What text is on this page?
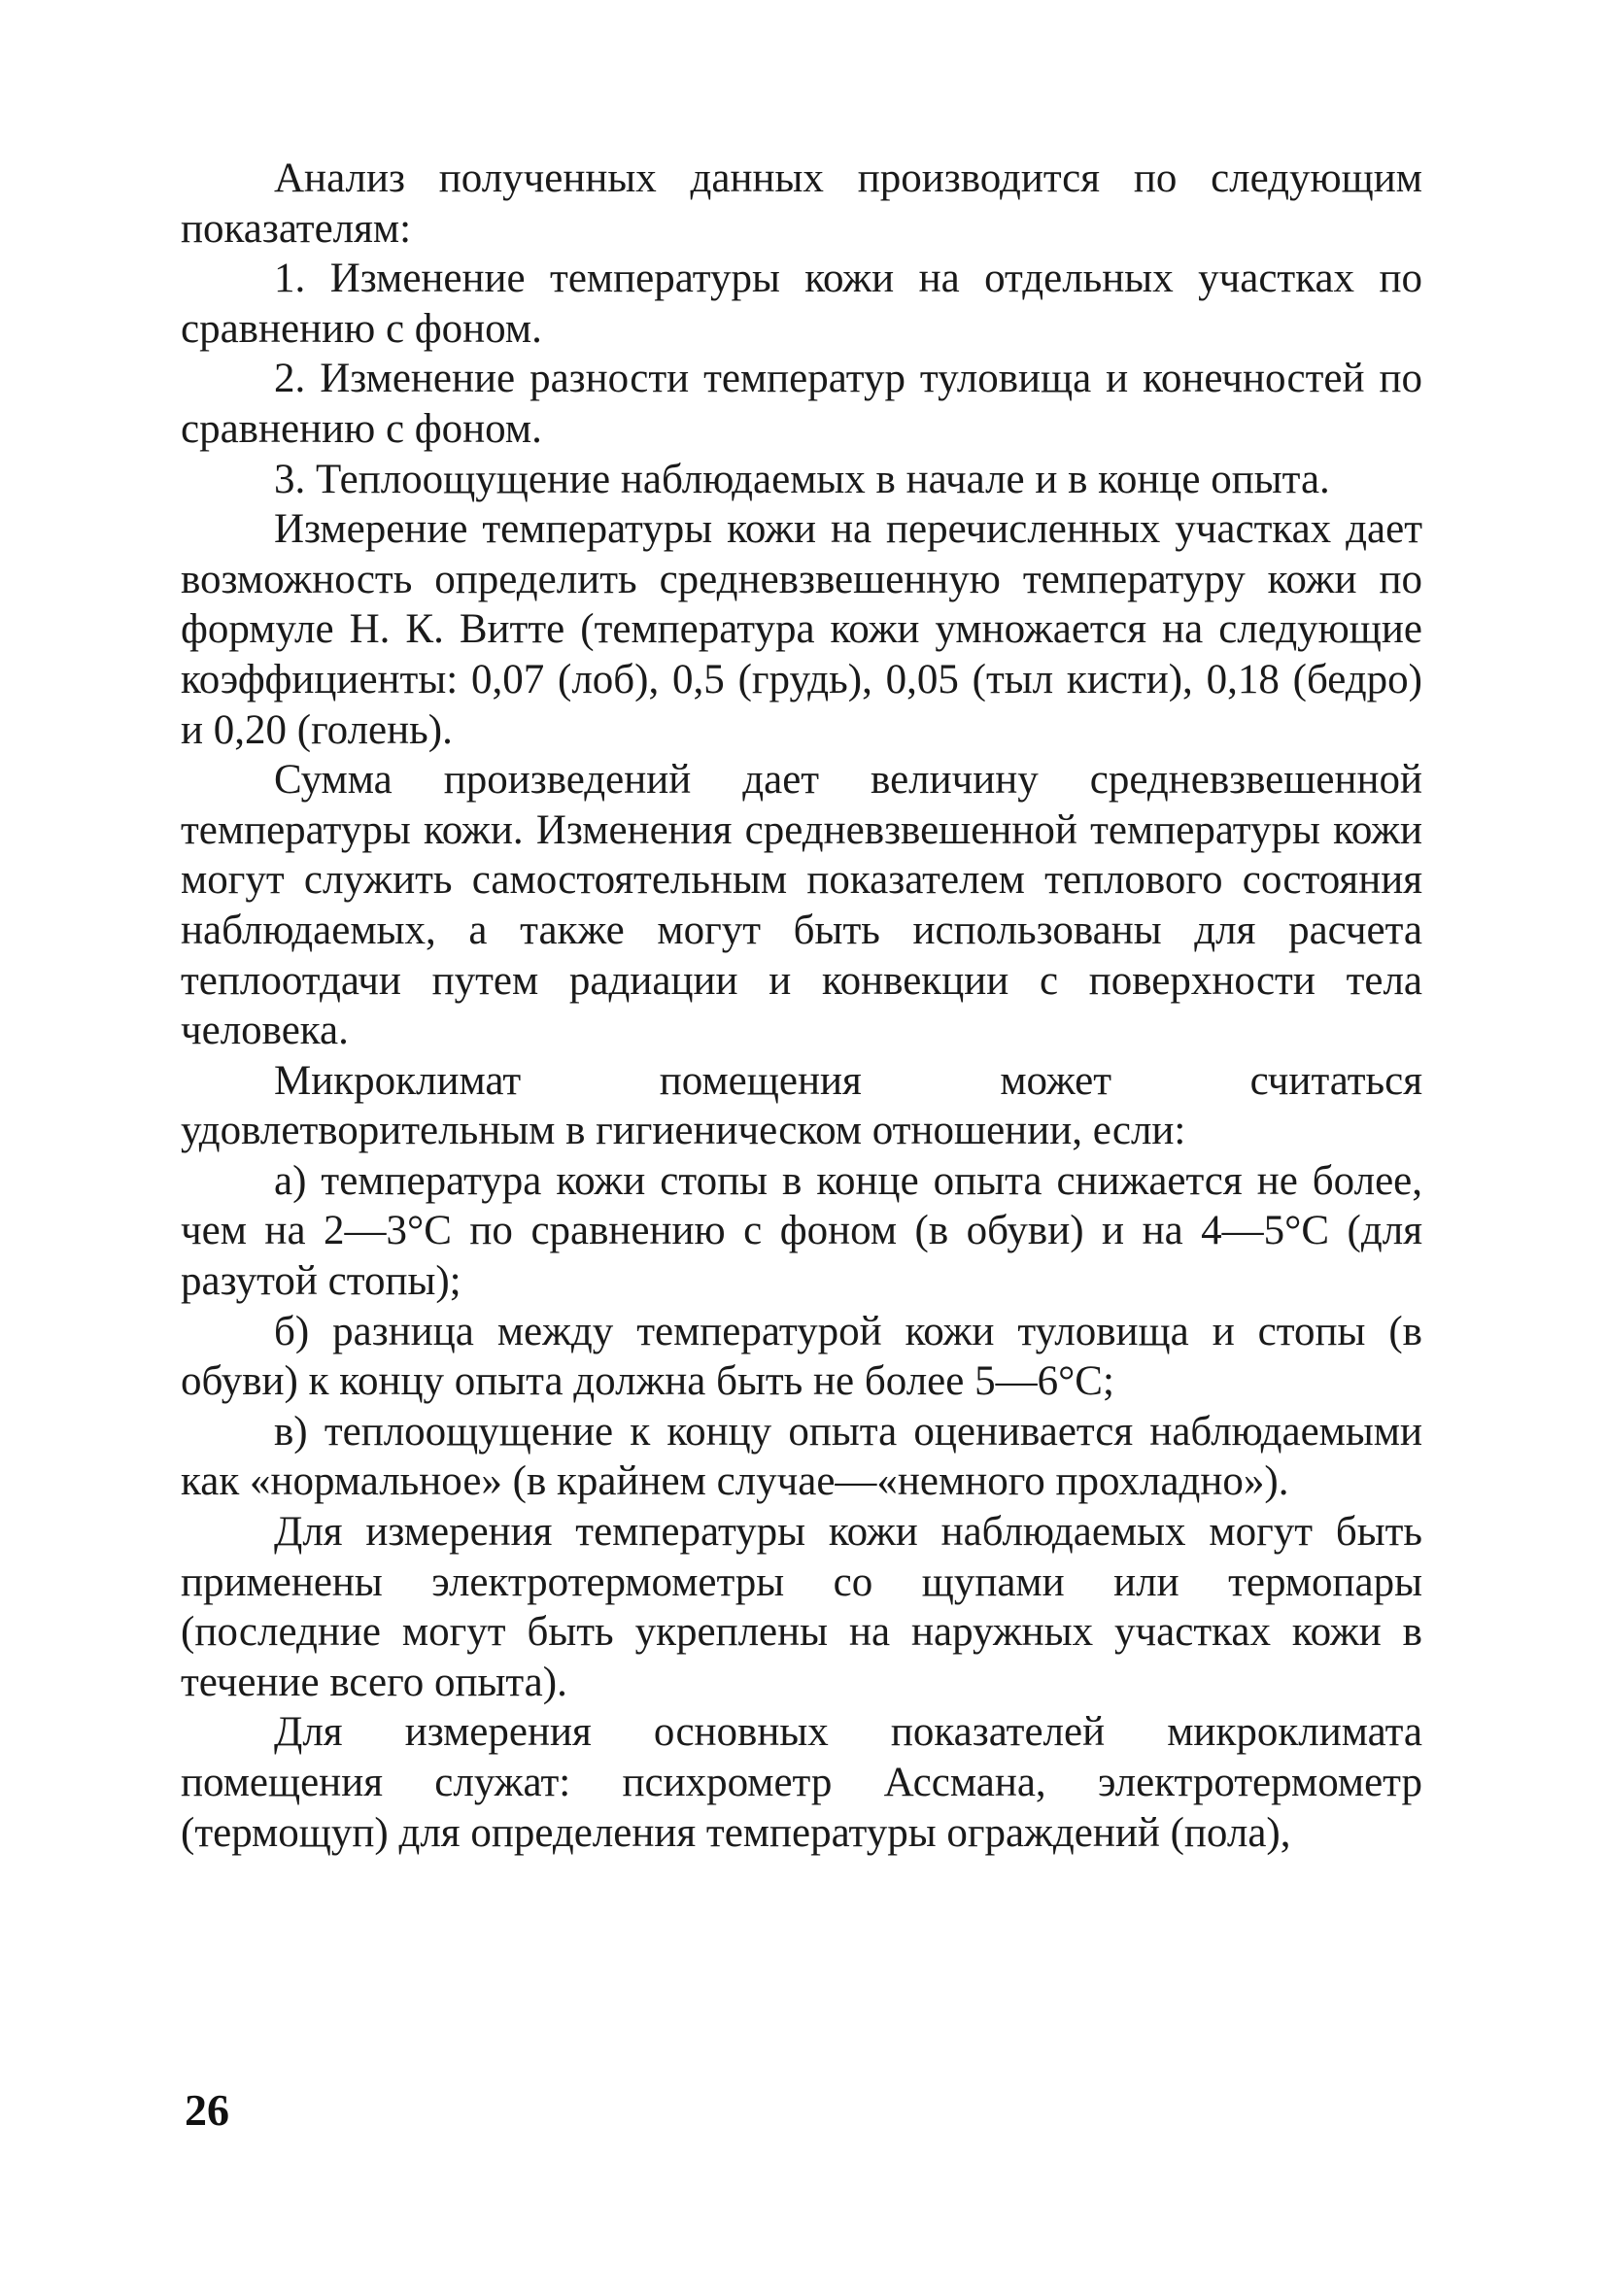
Анализ полученных данных производится по следующим показателям:

1. Изменение температуры кожи на отдельных участках по сравнению с фоном.

2. Изменение разности температур туловища и конечностей по сравнению с фоном.

3. Теплоощущение наблюдаемых в начале и в конце опыта.

Измерение температуры кожи на перечисленных участках дает возможность определить средневзвешенную температуру кожи по формуле Н. К. Витте (температура кожи умножается на следующие коэффициенты: 0,07 (лоб), 0,5 (грудь), 0,05 (тыл кисти), 0,18 (бедро) и 0,20 (голень).

Сумма произведений дает величину средневзвешенной температуры кожи. Изменения средневзвешенной температуры кожи могут служить самостоятельным показателем теплового состояния наблюдаемых, а также могут быть использованы для расчета теплоотдачи путем радиации и конвекции с поверхности тела человека.

Микроклимат помещения может считаться удовлетворительным в гигиеническом отношении, если:

а) температура кожи стопы в конце опыта снижается не более, чем на 2—3°С по сравнению с фоном (в обуви) и на 4—5°С (для разутой стопы);

б) разница между температурой кожи туловища и стопы (в обуви) к концу опыта должна быть не более 5—6°С;

в) теплоощущение к концу опыта оценивается наблюдаемыми как «нормальное» (в крайнем случае—«немного прохладно»).

Для измерения температуры кожи наблюдаемых могут быть применены электротермометры со щупами или термопары (последние могут быть укреплены на наружных участках кожи в течение всего опыта).

Для измерения основных показателей микроклимата помещения служат: психрометр Ассмана, электротермометр (термощуп) для определения температуры ограждений (пола),

26
